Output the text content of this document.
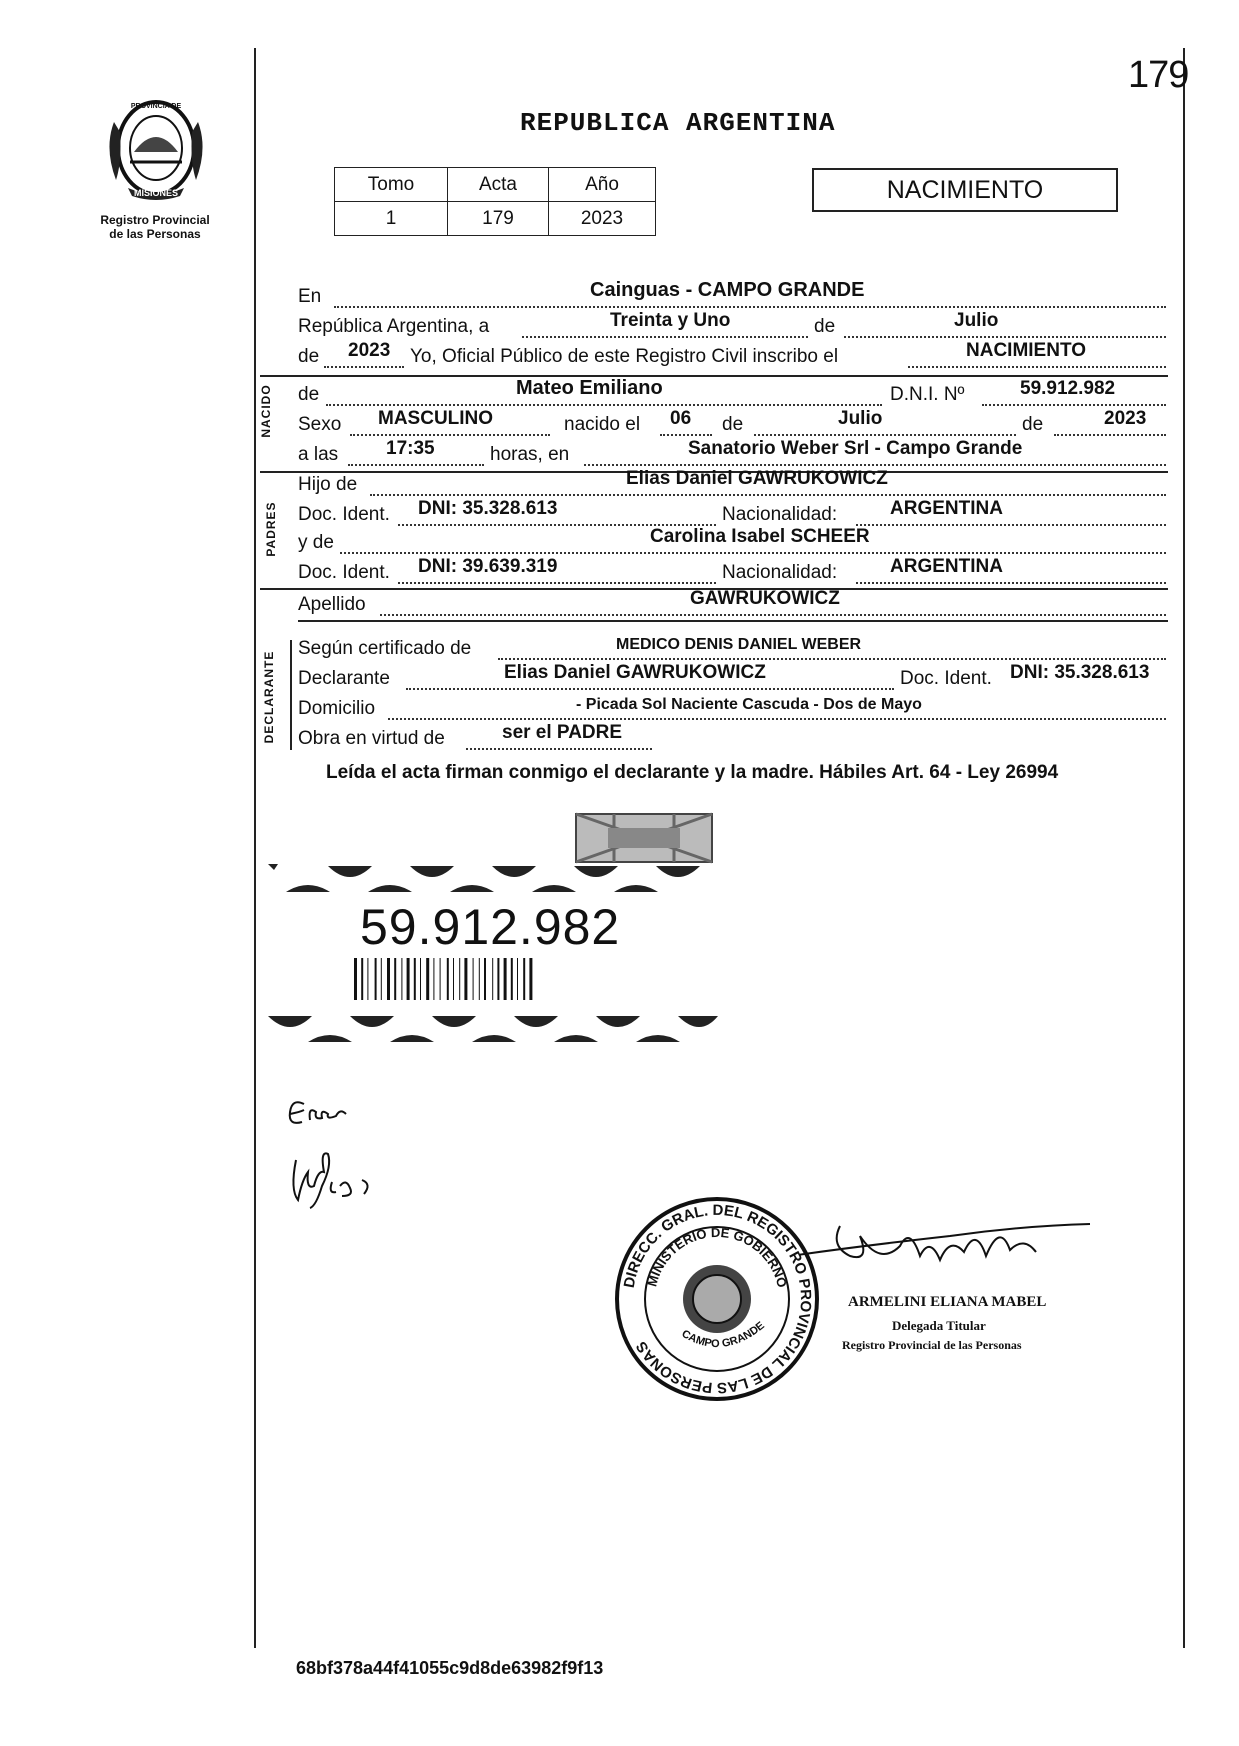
179
PROVINCIA DE
MISIONES
Registro Provincial
de las Personas
REPUBLICA ARGENTINA
Tomo	Acta	Año
1	179	2023
NACIMIENTO
En	Cainguas - CAMPO GRANDE
República Argentina, a	Treinta y Uno	de	Julio
de 2023 Yo, Oficial Público de este Registro Civil inscribo el	NACIMIENTO
NACIDO de	Mateo Emiliano	D.N.I. Nº	59.912.982
Sexo MASCULINO	nacido el 06 de	Julio	de	2023
a las	17:35	horas, en	Sanatorio Weber Srl - Campo Grande
PADRES
Hijo de	Elias Daniel GAWRUKOWICZ
Doc. Ident. DNI: 35.328.613	Nacionalidad:	ARGENTINA
y de	Carolina Isabel SCHEER
Doc. Ident. DNI: 39.639.319	Nacionalidad:	ARGENTINA
Apellido	GAWRUKOWICZ
DECLARANTE
Según certificado de	MEDICO DENIS DANIEL WEBER
Declarante	Elias Daniel GAWRUKOWICZ	Doc. Ident. DNI: 35.328.613
Domicilio	- Picada Sol Naciente Cascuda - Dos de Mayo
Obra en virtud de	ser el PADRE
Leída el acta firman conmigo el declarante y la madre. Hábiles Art. 64 - Ley 26994
59.912.982
DIRECC. GRAL. DEL REGISTRO PROVINCIAL DE LAS PERSONAS
MINISTERIO DE GOBIERNO
CAMPO GRANDE
ARMELINI ELIANA MABEL
Delegada Titular
Registro Provincial de las Personas
68bf378a44f41055c9d8de63982f9f13
